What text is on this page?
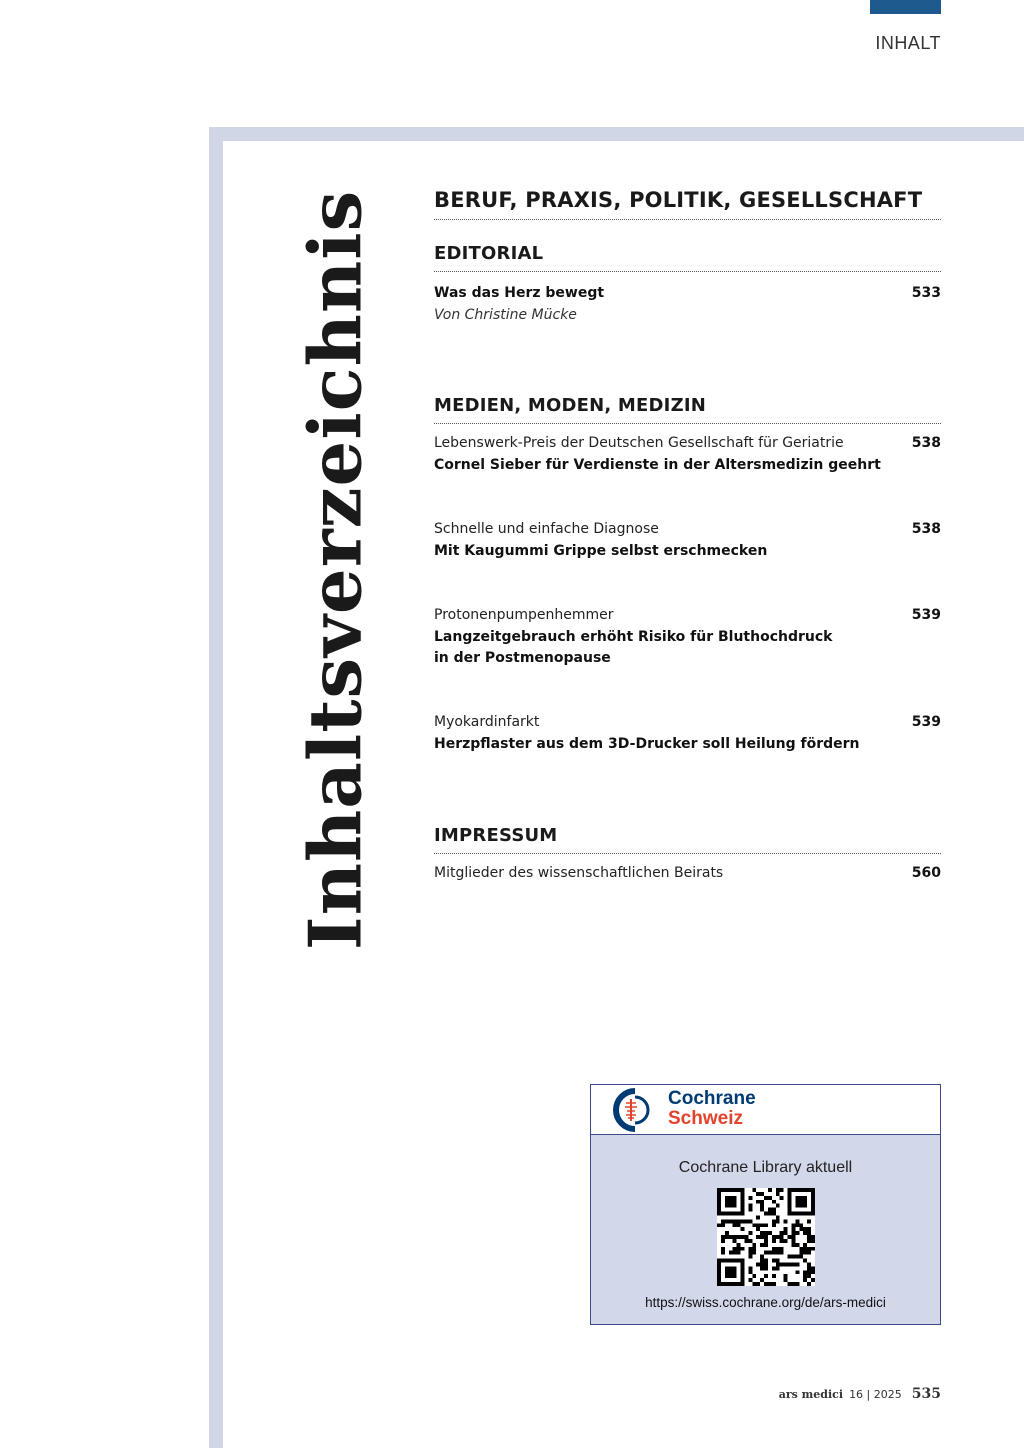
INHALT
Inhaltsverzeichnis	BERUF, PRAXIS, POLITIK, GESELLSCHAFT
EDITORIAL
Was das Herz bewegt	533
Von Christine Mücke
MEDIEN, MODEN, MEDIZIN
Lebenswerk-Preis der Deutschen Gesellschaft für Geriatrie	538
Cornel Sieber für Verdienste in der Altersmedizin geehrt
Schnelle und einfache Diagnose	538
Mit Kaugummi Grippe selbst erschmecken
Protonenpumpenhemmer	539
Langzeitgebrauch erhöht Risiko für Bluthochdruck
in der Postmenopause
Myokardinfarkt	539
Herzpflaster aus dem 3D-Drucker soll Heilung fördern
IMPRESSUM
Mitglieder des wissenschaftlichen Beirats	560
Cochrane
Schweiz
Cochrane Library aktuell
https://swiss.cochrane.org/de/ars-medici
ars medici 16 | 2025 535
